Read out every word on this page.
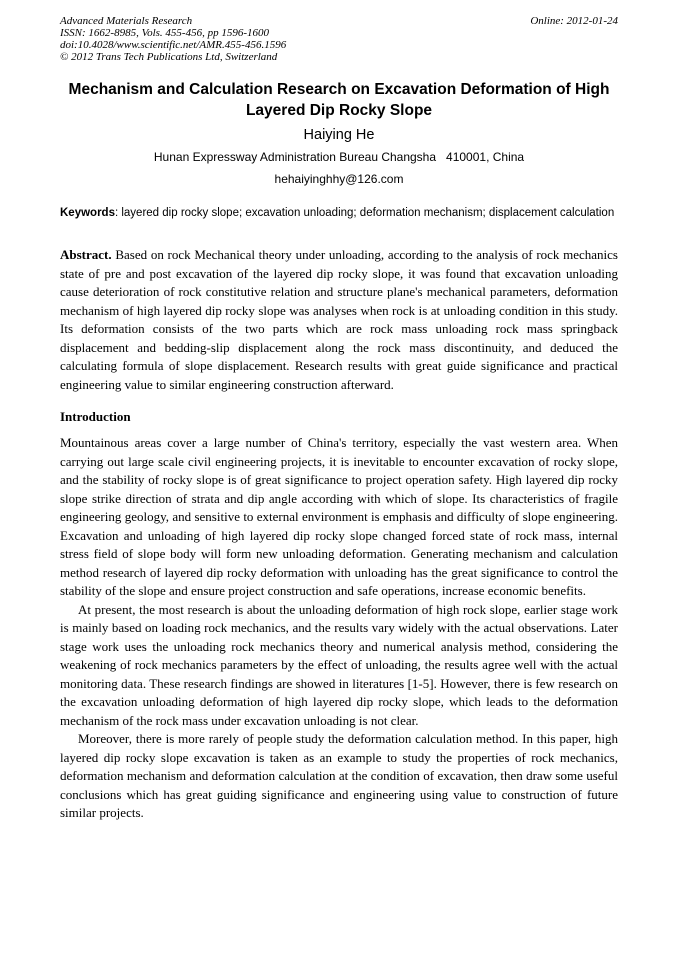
Advanced Materials Research
ISSN: 1662-8985, Vols. 455-456, pp 1596-1600
doi:10.4028/www.scientific.net/AMR.455-456.1596
© 2012 Trans Tech Publications Ltd, Switzerland
Online: 2012-01-24
Mechanism and Calculation Research on Excavation Deformation of High Layered Dip Rocky Slope
Haiying He
Hunan Expressway Administration Bureau Changsha   410001, China
hehaiyinghhy@126.com

Keywords: layered dip rocky slope; excavation unloading; deformation mechanism; displacement calculation

Abstract. Based on rock Mechanical theory under unloading, according to the analysis of rock mechanics state of pre and post excavation of the layered dip rocky slope, it was found that excavation unloading cause deterioration of rock constitutive relation and structure plane's mechanical parameters, deformation mechanism of high layered dip rocky slope was analyses when rock is at unloading condition in this study. Its deformation consists of the two parts which are rock mass unloading rock mass springback displacement and bedding-slip displacement along the rock mass discontinuity, and deduced the calculating formula of slope displacement. Research results with great guide significance and practical engineering value to similar engineering construction afterward.

Introduction

Mountainous areas cover a large number of China's territory, especially the vast western area. When carrying out large scale civil engineering projects, it is inevitable to encounter excavation of rocky slope, and the stability of rocky slope is of great significance to project operation safety. High layered dip rocky slope strike direction of strata and dip angle according with which of slope. Its characteristics of fragile engineering geology, and sensitive to external environment is emphasis and difficulty of slope engineering. Excavation and unloading of high layered dip rocky slope changed forced state of rock mass, internal stress field of slope body will form new unloading deformation. Generating mechanism and calculation method research of layered dip rocky deformation with unloading has the great significance to control the stability of the slope and ensure project construction and safe operations, increase economic benefits.

At present, the most research is about the unloading deformation of high rock slope, earlier stage work is mainly based on loading rock mechanics, and the results vary widely with the actual observations. Later stage work uses the unloading rock mechanics theory and numerical analysis method, considering the weakening of rock mechanics parameters by the effect of unloading, the results agree well with the actual monitoring data. These research findings are showed in literatures [1-5]. However, there is few research on the excavation unloading deformation of high layered dip rocky slope, which leads to the deformation mechanism of the rock mass under excavation unloading is not clear.

Moreover, there is more rarely of people study the deformation calculation method. In this paper, high layered dip rocky slope excavation is taken as an example to study the properties of rock mechanics, deformation mechanism and deformation calculation at the condition of excavation, then draw some useful conclusions which has great guiding significance and engineering using value to construction of future similar projects.
